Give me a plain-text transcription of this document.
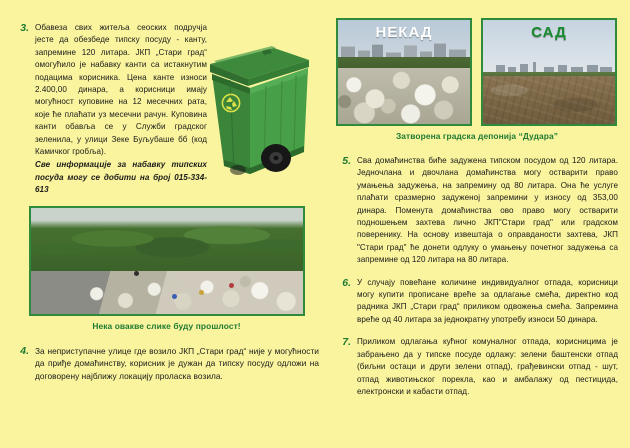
3. Обавеза свих житеља сеоских подручја јесте да обезбеде типску посуду - канту, запремине 120 литара. ЈКП „Стари град“ омогућило је набавку канти са истакнутим подацима корисника. Цена канте износи 2.400,00 динара, а корисници имају могућност куповине на 12 месечних рата, које ће плаћати уз месечни рачун. Куповина канти обавља се у Служби градског зеленила, у улици Зеке Буљубаше бб (код Камичког гробља).
Све информације за набавку типских посуда могу се добити на број 015-334-613
Нека овакве слике буду прошлост!
4. За неприступачне улице где возило ЈКП „Стари град“ није у могућности да приђе домаћинству, корисник је дужан да типску посуду одложи на договорену најближу локацију проласка возила.
НЕКАД	САД
Затворена градска депонија “Дудара”
5. Сва домаћинства биће задужена типском посудом од 120 литара. Једночлана и двочлана домаћинства могу остварити право умањења задужења, на запремину од 80 литара. Она ће услуге плаћати сразмерно задуженој запремини у износу од 353,00 динара. Поменута домаћинства ово право могу остварити подношењем захтева лично ЈКП"Стари град" или градском поверенику. На основу извештаја о оправданости захтева, ЈКП "Стари град" ће донети одлуку о умањењу почетног задужења са запремине од 120 литара на 80 литара.
6. У случају повећане количине индивидуалног отпада, корисници могу купити прописане вреће за одлагање смећа, директно код радника ЈКП „Стари град“ приликом одвожења смећа. Запремина вреће од 40 литара за једнократну употребу износи 50 динара.
7. Приликом одлагања кућног комуналног отпада, корисницима је забрањено да у типске посуде одлажу: зелени баштенски отпад (биљни остаци и други зелени отпад), грађевински отпад - шут, отпад животињског порекла, као и амбалажу од пестицида, електронски и кабасти отпад.
